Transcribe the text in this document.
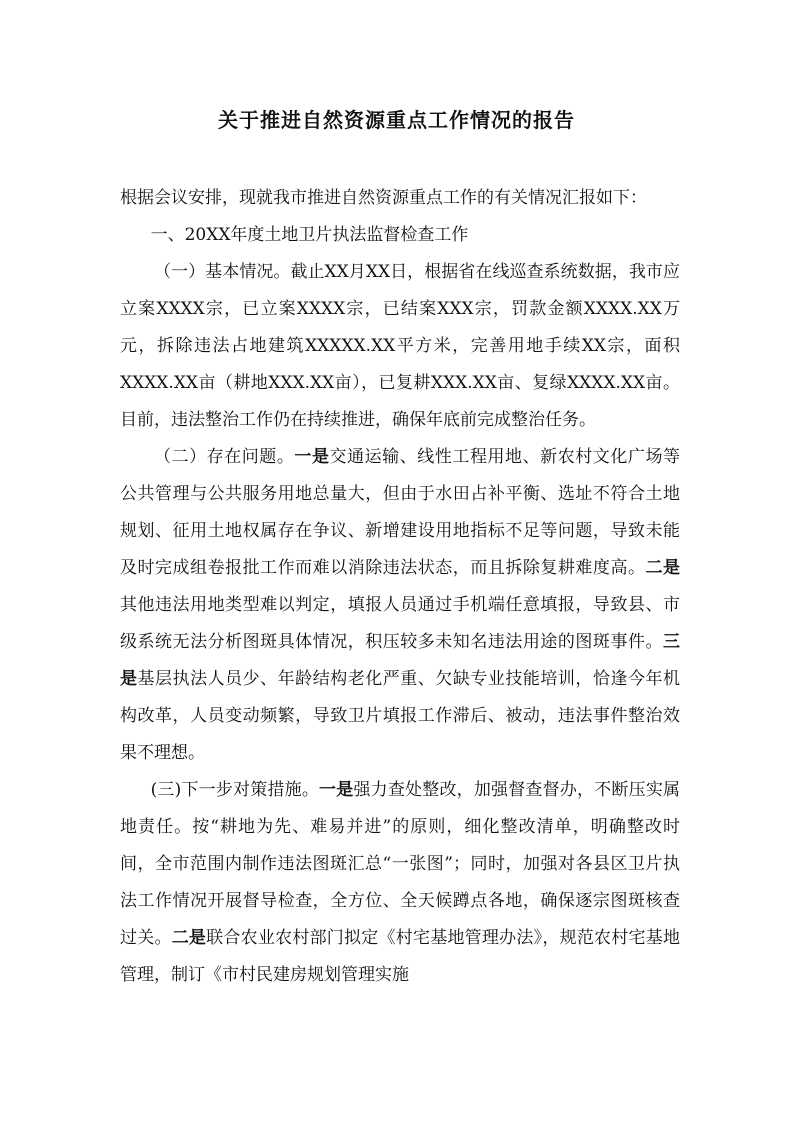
关于推进自然资源重点工作情况的报告

根据会议安排，现就我市推进自然资源重点工作的有关情况汇报如下：

一、20XX年度土地卫片执法监督检查工作

（一）基本情况。截止XX月XX日，根据省在线巡查系统数据，我市应立案XXXX宗，已立案XXXX宗，已结案XXX宗，罚款金额XXXX.XX万元，拆除违法占地建筑XXXXX.XX平方米，完善用地手续XX宗，面积XXXX.XX亩（耕地XXX.XX亩），已复耕XXX.XX亩、复绿XXXX.XX亩。目前，违法整治工作仍在持续推进，确保年底前完成整治任务。

（二）存在问题。一是交通运输、线性工程用地、新农村文化广场等公共管理与公共服务用地总量大，但由于水田占补平衡、选址不符合土地规划、征用土地权属存在争议、新增建设用地指标不足等问题，导致未能及时完成组卷报批工作而难以消除违法状态，而且拆除复耕难度高。二是其他违法用地类型难以判定，填报人员通过手机端任意填报，导致县、市级系统无法分析图斑具体情况，积压较多未知名违法用途的图斑事件。三是基层执法人员少、年龄结构老化严重、欠缺专业技能培训，恰逢今年机构改革，人员变动频繁，导致卫片填报工作滞后、被动，违法事件整治效果不理想。

(三)下一步对策措施。一是强力查处整改，加强督查督办，不断压实属地责任。按“耕地为先、难易并进”的原则，细化整改清单，明确整改时间，全市范围内制作违法图斑汇总“一张图”；同时，加强对各县区卫片执法工作情况开展督导检查，全方位、全天候蹲点各地，确保逐宗图斑核查过关。二是联合农业农村部门拟定《村宅基地管理办法》，规范农村宅基地管理，制订《市村民建房规划管理实施
